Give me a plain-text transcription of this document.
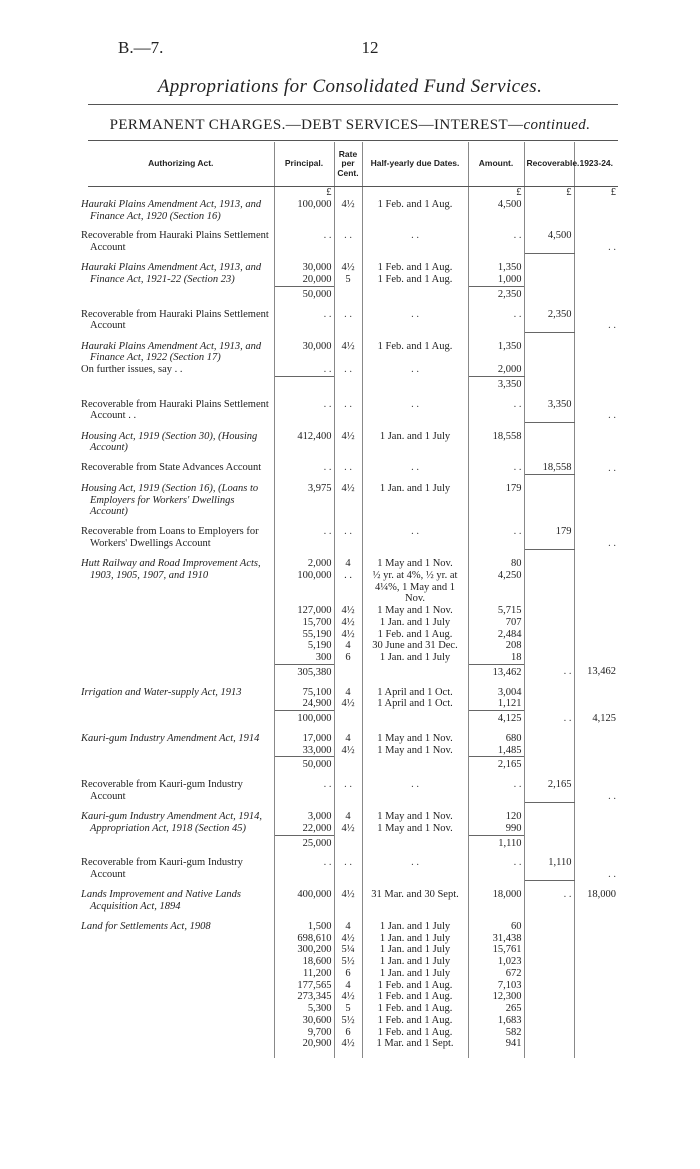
B.—7.	12
Appropriations for Consolidated Fund Services.
PERMANENT CHARGES.—DEBT SERVICES—INTEREST—continued.
Authorizing Act.	Principal.	Rate per Cent.	Half-yearly due Dates.	Amount.	Recoverable.	1923-24.
	£			£	£	£
Hauraki Plains Amendment Act, 1913, and Finance Act, 1920 (Section 16)	100,000	4½	1 Feb. and 1 Aug.	4,500		

Recoverable from Hauraki Plains Settlement Account	. .	. .	. .	. .	4,500	. .

Hauraki Plains Amendment Act, 1913, and Finance Act, 1921-22 (Section 23)	30,000	4½	1 Feb. and 1 Aug.	1,350		
	20,000	5	1 Feb. and 1 Aug.	1,000		
	50,000			2,350		

Recoverable from Hauraki Plains Settlement Account	. .	. .	. .	. .	2,350	. .

Hauraki Plains Amendment Act, 1913, and Finance Act, 1922 (Section 17)	30,000	4½	1 Feb. and 1 Aug.	1,350		
On further issues, say . .	. .	. .	. .	2,000		
				3,350		

Recoverable from Hauraki Plains Settlement Account . .	. .	. .	. .	. .	3,350	. .

Housing Act, 1919 (Section 30), (Housing Account)	412,400	4½	1 Jan. and 1 July	18,558		

Recoverable from State Advances Account	. .	. .	. .	. .	18,558	. .

Housing Act, 1919 (Section 16), (Loans to Employers for Workers' Dwellings Account)	3,975	4½	1 Jan. and 1 July	179		

Recoverable from Loans to Employers for Workers' Dwellings Account	. .	. .	. .	. .	179	. .

Hutt Railway and Road Improvement Acts, 1903, 1905, 1907, and 1910	2,000	4	1 May and 1 Nov.	80		
	100,000	. .	½ yr. at 4%, ½ yr. at 4¼%, 1 May and 1 Nov.	4,250		
	127,000	4½	1 May and 1 Nov.	5,715		
	15,700	4½	1 Jan. and 1 July	707		
	55,190	4½	1 Feb. and 1 Aug.	2,484		
	5,190	4	30 June and 31 Dec.	208		
	300	6	1 Jan. and 1 July	18		
	305,380			13,462	. .	13,462

Irrigation and Water-supply Act, 1913	75,100	4	1 April and 1 Oct.	3,004		
	24,900	4½	1 April and 1 Oct.	1,121		
	100,000			4,125	. .	4,125

Kauri-gum Industry Amendment Act, 1914	17,000	4	1 May and 1 Nov.	680		
	33,000	4½	1 May and 1 Nov.	1,485		
	50,000			2,165		

Recoverable from Kauri-gum Industry Account	. .	. .	. .	. .	2,165	. .

Kauri-gum Industry Amendment Act, 1914, Appropriation Act, 1918 (Section 45)	3,000	4	1 May and 1 Nov.	120		
	22,000	4½	1 May and 1 Nov.	990		
	25,000			1,110		

Recoverable from Kauri-gum Industry Account	. .	. .	. .	. .	1,110	. .

Lands Improvement and Native Lands Acquisition Act, 1894	400,000	4½	31 Mar. and 30 Sept.	18,000	. .	18,000

Land for Settlements Act, 1908	1,500	4	1 Jan. and 1 July	60		
	698,610	4½	1 Jan. and 1 July	31,438		
	300,200	5¼	1 Jan. and 1 July	15,761		
	18,600	5½	1 Jan. and 1 July	1,023		
	11,200	6	1 Jan. and 1 July	672		
	177,565	4	1 Feb. and 1 Aug.	7,103		
	273,345	4½	1 Feb. and 1 Aug.	12,300		
	5,300	5	1 Feb. and 1 Aug.	265		
	30,600	5½	1 Feb. and 1 Aug.	1,683		
	9,700	6	1 Feb. and 1 Aug.	582		
	20,900	4½	1 Mar. and 1 Sept.	941		
